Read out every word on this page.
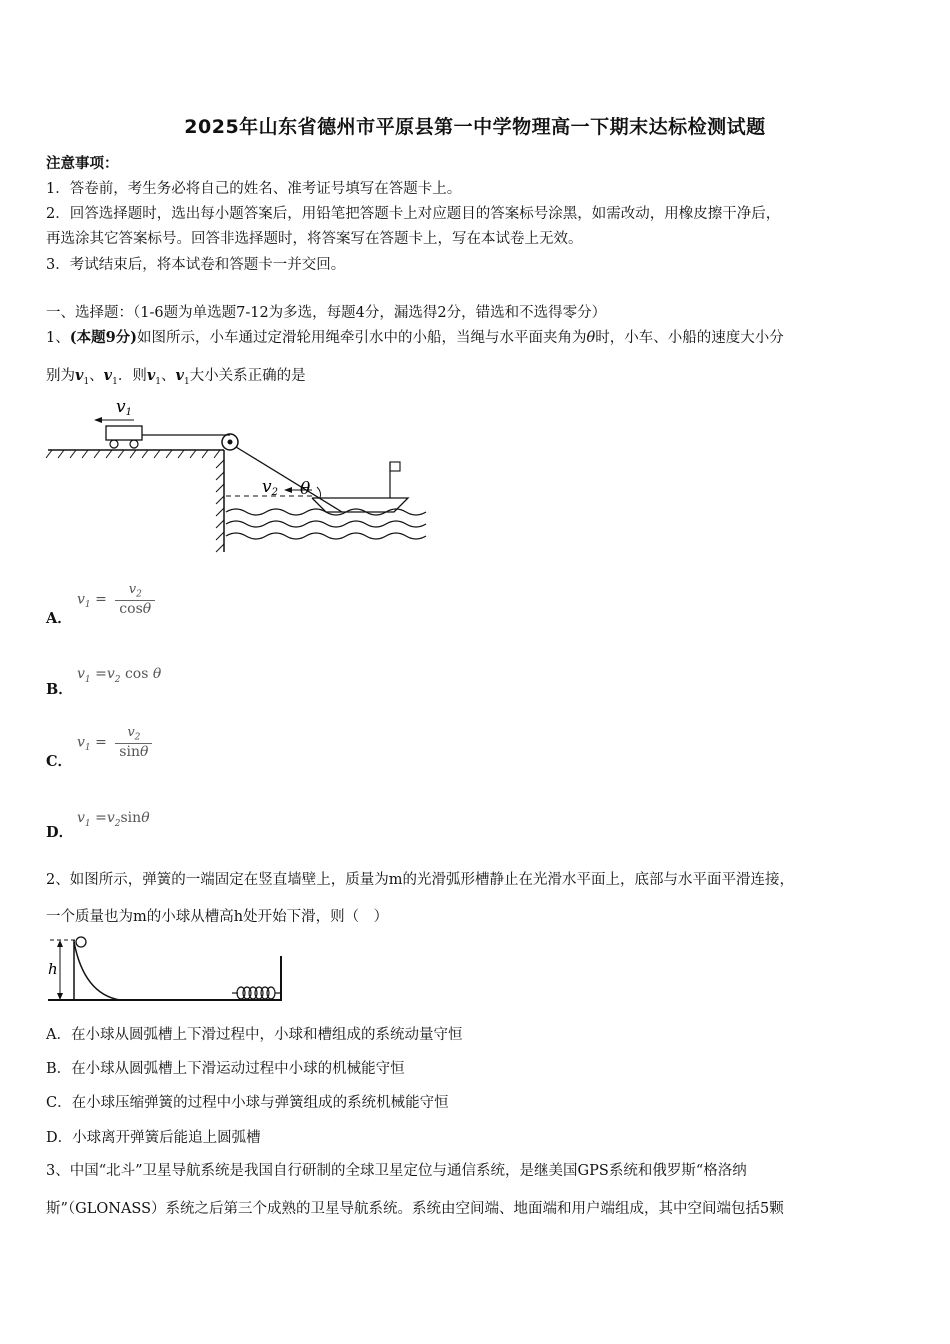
2025年山东省德州市平原县第一中学物理高一下期末达标检测试题
注意事项：
1．答卷前，考生务必将自己的姓名、准考证号填写在答题卡上。
2．回答选择题时，选出每小题答案后，用铅笔把答题卡上对应题目的答案标号涂黑，如需改动，用橡皮擦干净后，
再选涂其它答案标号。回答非选择题时，将答案写在答题卡上，写在本试卷上无效。
3．考试结束后，将本试卷和答题卡一并交回。
一、选择题：（1-6题为单选题7-12为多选，每题4分，漏选得2分，错选和不选得零分）
1、(本题9分)如图所示，小车通过定滑轮用绳牵引水中的小船，当绳与水平面夹角为θ时，小车、小船的速度大小分
别为$v_1$、$v_1$．则$v_1$、$v_1$大小关系正确的是
v1
v2 θ
A．
$v_1 = \frac{v_2}{\cos\theta}$
B．
$v_1 =v_2$ cos θ
C．
$v_1 = \frac{v_2}{\sin\theta}$
D．
$v_1 =v_2\sin\theta$
2、如图所示，弹簧的一端固定在竖直墙壁上，质量为m的光滑弧形槽静止在光滑水平面上，底部与水平面平滑连接，
一个质量也为m的小球从槽高h处开始下滑，则（　）
h
A．在小球从圆弧槽上下滑过程中，小球和槽组成的系统动量守恒
B．在小球从圆弧槽上下滑运动过程中小球的机械能守恒
C．在小球压缩弹簧的过程中小球与弹簧组成的系统机械能守恒
D．小球离开弹簧后能追上圆弧槽
3、中国“北斗”卫星导航系统是我国自行研制的全球卫星定位与通信系统，是继美国GPS系统和俄罗斯“格洛纳
斯”（GLONASS）系统之后第三个成熟的卫星导航系统。系统由空间端、地面端和用户端组成，其中空间端包括5颗
